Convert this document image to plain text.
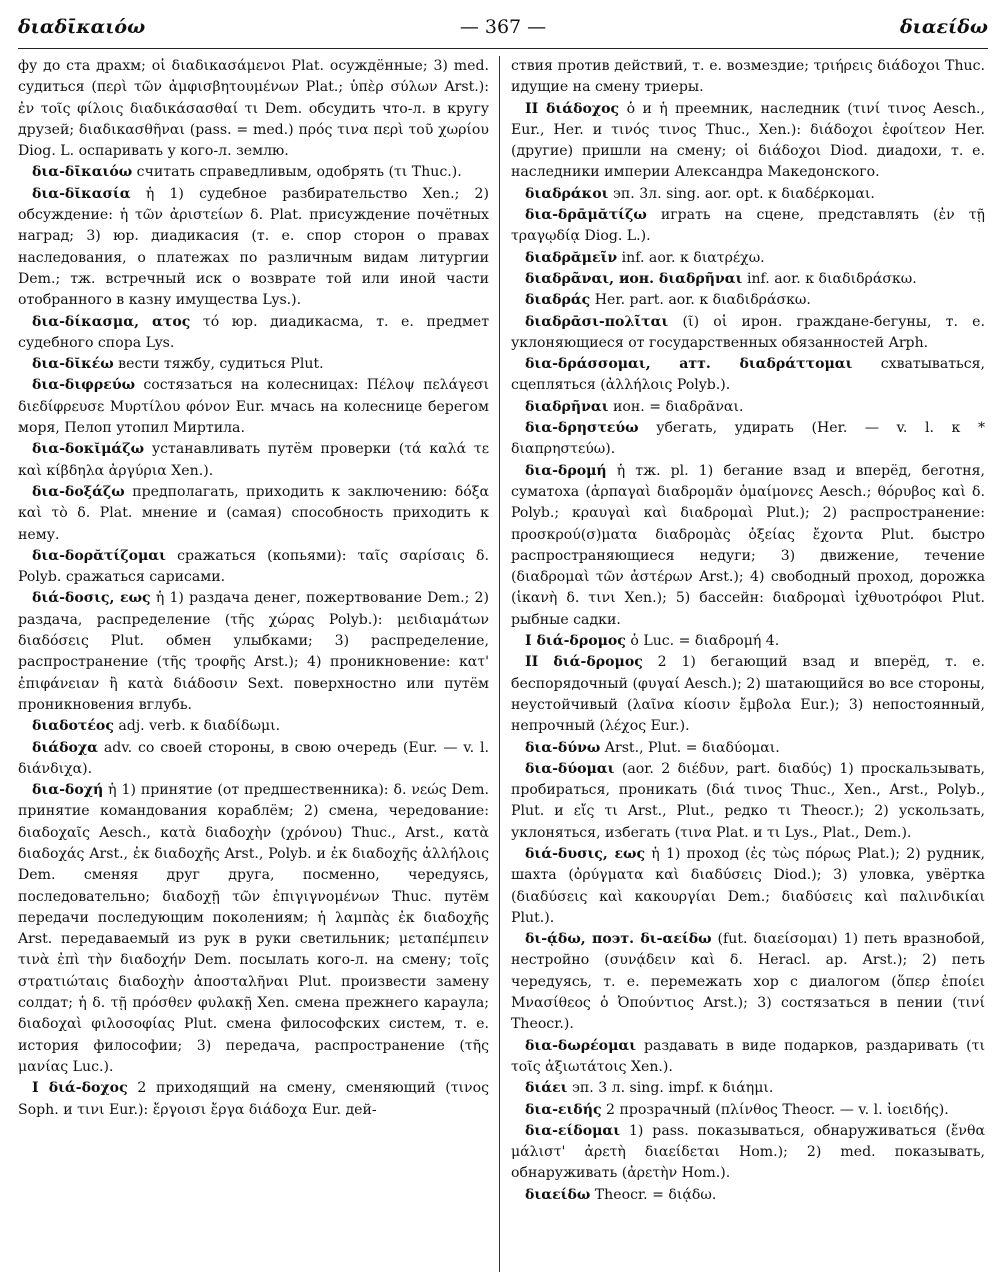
διαδῑκαιόω	— 367 —	διαείδω

фу до ста драхм; οἱ διαδικασάμενοι Plat. осуждённые; 3) med. судиться (περὶ τῶν ἀμφισβητουμένων Plat.; ὑπὲρ σύλων Arst.): ἐν τοῖς φίλοις διαδικάσασθαί τι Dem. обсудить что-л. в кругу друзей; διαδικασθῆναι (pass. = med.) πρός τινα περὶ τοῦ χωρίου Diog. L. оспаривать у кого-л. землю.

δια-δῑκαιόω считать справедливым, одобрять (τι Thuc.).

δια-δῐκασία ἡ 1) судебное разбирательство Xen.; 2) обсуждение: ἡ τῶν ἀριστείων δ. Plat. присуждение почётных наград; 3) юр. диадикасия (т. е. спор сторон о правах наследования, о платежах по различным видам литургии Dem.; тж. встречный иск о возврате той или иной части отобранного в казну имущества Lys.).

δια-δίκασμα, ατος τό юр. диадикасма, т. е. предмет судебного спора Lys.

δια-δῐκέω вести тяжбу, судиться Plut.

δια-διφρεύω состязаться на колесницах: Πέλοψ πελάγεσι διεδίφρευσε Μυρτίλου φόνον Eur. мчась на колеснице берегом моря, Пелоп утопил Миртила.

δια-δοκῐμάζω устанавливать путём проверки (τά καλά τε καὶ κίβδηλα ἀργύρια Xen.).

δια-δοξάζω предполагать, приходить к заключению: δόξα καὶ τὸ δ. Plat. мнение и (самая) способность приходить к нему.

δια-δορᾰτίζομαι сражаться (копьями): ταῖς σαρίσαις δ. Polyb. сражаться сарисами.

διά-δοσις, εως ἡ 1) раздача денег, пожертвование Dem.; 2) раздача, распределение (τῆς χώρας Polyb.): μειδιαμάτων διαδόσεις Plut. обмен улыбками; 3) распределение, распространение (τῆς τροφῆς Arst.); 4) проникновение: κατ' ἐπιφάνειαν ἢ κατὰ διάδοσιν Sext. поверхностно или путём проникновения вглубь.

διαδοτέος adj. verb. к διαδίδωμι.

διάδοχα adv. со своей стороны, в свою очередь (Eur. — v. l. διάνδιχα).

δια-δοχή ἡ 1) принятие (от предшественника): δ. νεώς Dem. принятие командования кораблём; 2) смена, чередование: διαδοχαῖς Aesch., κατὰ διαδοχὴν (χρόνου) Thuc., Arst., κατὰ διαδοχάς Arst., ἐκ διαδοχῆς Arst., Polyb. и ἐκ διαδοχῆς ἀλλήλοις Dem. сменяя друг друга, посменно, чередуясь, последовательно; διαδοχῇ τῶν ἐπιγιγνομένων Thuc. путём передачи последующим поколениям; ἡ λαμπὰς ἐκ διαδοχῆς Arst. передаваемый из рук в руки светильник; μεταπέμπειν τινὰ ἐπὶ τὴν διαδοχήν Dem. посылать кого-л. на смену; τοῖς στρατιώταις διαδοχὴν ἀποσταλῆναι Plut. произвести замену солдат; ἡ δ. τῇ πρόσθεν φυλακῇ Xen. смена прежнего караула; διαδοχαὶ φιλοσοφίας Plut. смена философских систем, т. е. история философии; 3) передача, распространение (τῆς μανίας Luc.).

I διά-δοχος 2 приходящий на смену, сменяющий (τινος Soph. и τινι Eur.): ἔργοισι ἔργα διάδοχα Eur. дей-

ствия против действий, т. е. возмездие; τριήρεις διάδοχοι Thuc. идущие на смену триеры.

II διάδοχος ὁ и ἡ преемник, наследник (τινί τινος Aesch., Eur., Her. и τινός τινος Thuc., Xen.): διάδοχοι ἐφοίτεον Her. (другие) пришли на смену; οἱ διάδοχοι Diod. диадохи, т. е. наследники империи Александра Македонского.

διαδράκοι эп. 3л. sing. aor. opt. к διαδέρκομαι.

δια-δρᾱμᾰτίζω играть на сцене, представлять (ἐν τῇ τραγῳδίᾳ Diog. L.).

διαδρᾰμεῖν inf. aor. к διατρέχω.

διαδρᾶναι, ион. διαδρῆναι inf. aor. к διαδιδράσκω.

διαδράς Her. part. aor. к διαδιδράσκω.

διαδρᾱσι-πολῖται (ῖ) οἱ ирон. граждане-бегуны, т. е. уклоняющиеся от государственных обязанностей Arph.

δια-δράσσομαι, атт. διαδράττομαι схватываться, сцепляться (ἀλλήλοις Polyb.).

διαδρῆναι ион. = διαδρᾶναι.

δια-δρηστεύω убегать, удирать (Her. — v. l. к * διαπρηστεύω).

δια-δρομή ἡ тж. pl. 1) бегание взад и вперёд, беготня, суматоха (ἁρπαγαὶ διαδρομᾶν ὁμαίμονες Aesch.; θόρυβος καὶ δ. Polyb.; κραυγαὶ καὶ διαδρομαὶ Plut.); 2) распространение: προσκρού(σ)ματα διαδρομὰς ὀξείας ἔχοντα Plut. быстро распространяющиеся недуги; 3) движение, течение (διαδρομαὶ τῶν ἀστέρων Arst.); 4) свободный проход, дорожка (ἱκανὴ δ. τινι Xen.); 5) бассейн: διαδρομαὶ ἰχθυοτρόφοι Plut. рыбные садки.

I διά-δρομος ὁ Luc. = διαδρομή 4.

II διά-δρομος 2 1) бегающий взад и вперёд, т. е. беспорядочный (φυγαί Aesch.); 2) шатающийся во все стороны, неустойчивый (λαῖνα κίοσιν ἔμβολα Eur.); 3) непостоянный, непрочный (λέχος Eur.).

δια-δύνω Arst., Plut. = διαδύομαι.

δια-δύομαι (aor. 2 διέδυν, part. διαδύς) 1) проскальзывать, пробираться, проникать (διά τινος Thuc., Xen., Arst., Polyb., Plut. и εἴς τι Arst., Plut., редко τι Theocr.); 2) ускользать, уклоняться, избегать (τινα Plat. и τι Lys., Plat., Dem.).

διά-δυσις, εως ἡ 1) проход (ἐς τὼς πόρως Plat.); 2) рудник, шахта (ὀρύγματα καὶ διαδύσεις Diod.); 3) уловка, увёртка (διαδύσεις καὶ κακουργίαι Dem.; διαδύσεις καὶ παλινδικίαι Plut.).

δι-ᾴδω, поэт. δι-αείδω (fut. διαείσομαι) 1) петь вразнобой, нестройно (συνᾴδειν καὶ δ. Heracl. ap. Arst.); 2) петь чередуясь, т. е. перемежать хор с диалогом (ὅπερ ἐποίει Μνασίθεος ὁ Ὀπούντιος Arst.); 3) состязаться в пении (τινί Theocr.).

δια-δωρέομαι раздавать в виде подарков, раздаривать (τι τοῖς ἀξιωτάτοις Xen.).

διάει эп. 3 л. sing. impf. к διάημι.

δια-ειδής 2 прозрачный (πλίνθος Theocr. — v. l. ἰοειδής).

δια-είδομαι 1) pass. показываться, обнаруживаться (ἔνθα μάλιστ' ἀρετὴ διαείδεται Hom.); 2) med. показывать, обнаруживать (ἀρετὴν Hom.).

διαείδω Theocr. = διᾴδω.
